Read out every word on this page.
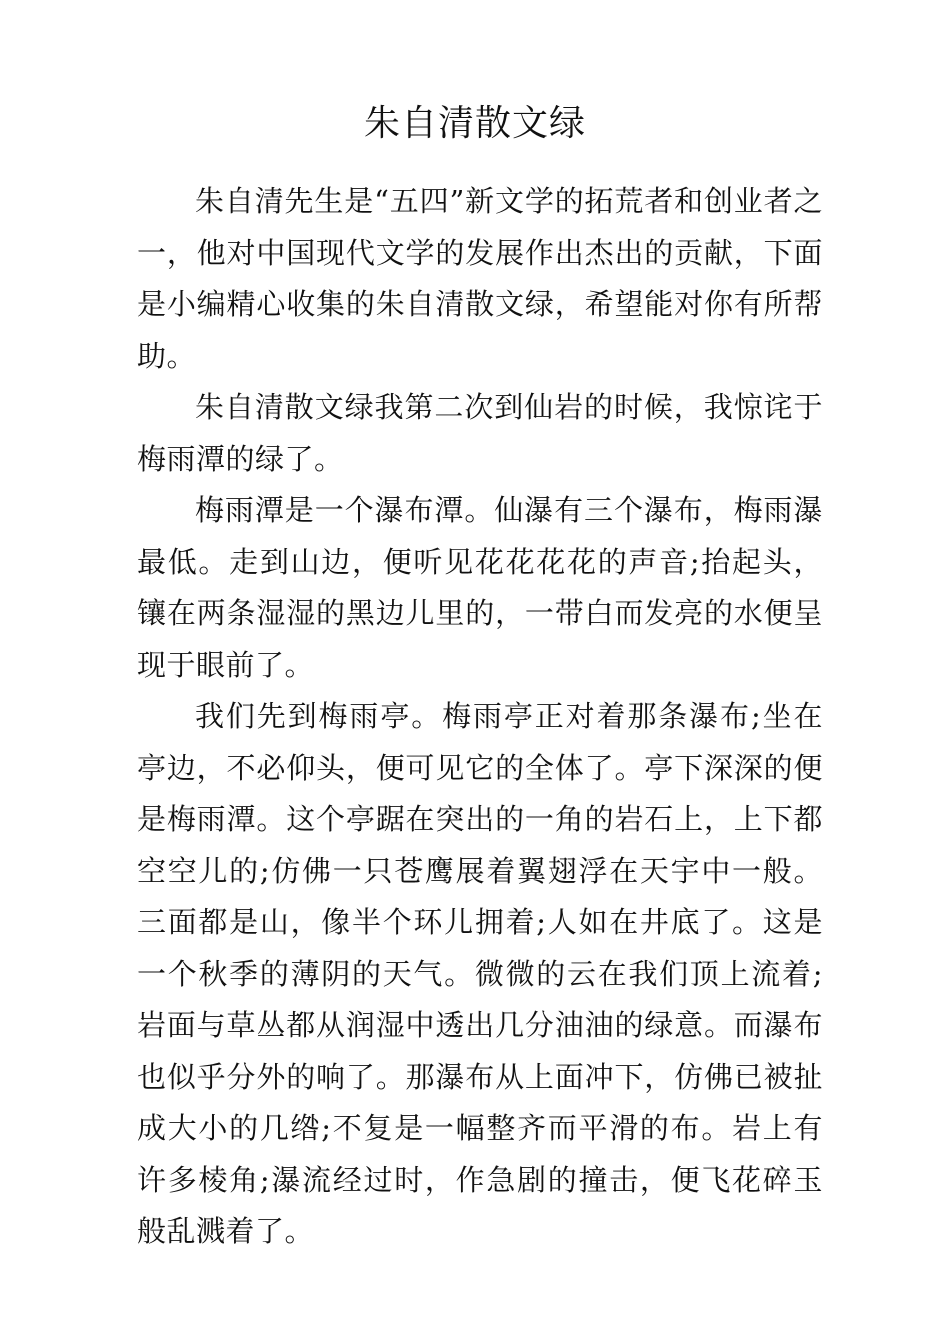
朱自清散文绿

朱自清先生是“五四”新文学的拓荒者和创业者之一，他对中国现代文学的发展作出杰出的贡献，下面是小编精心收集的朱自清散文绿，希望能对你有所帮助。

朱自清散文绿我第二次到仙岩的时候，我惊诧于梅雨潭的绿了。

梅雨潭是一个瀑布潭。仙瀑有三个瀑布，梅雨瀑最低。走到山边，便听见花花花花的声音;抬起头，镶在两条湿湿的黑边儿里的，一带白而发亮的水便呈现于眼前了。

我们先到梅雨亭。梅雨亭正对着那条瀑布;坐在亭边，不必仰头，便可见它的全体了。亭下深深的便是梅雨潭。这个亭踞在突出的一角的岩石上，上下都空空儿的;仿佛一只苍鹰展着翼翅浮在天宇中一般。三面都是山，像半个环儿拥着;人如在井底了。这是一个秋季的薄阴的天气。微微的云在我们顶上流着;岩面与草丛都从润湿中透出几分油油的绿意。而瀑布也似乎分外的响了。那瀑布从上面冲下，仿佛已被扯成大小的几绺;不复是一幅整齐而平滑的布。岩上有许多棱角;瀑流经过时，作急剧的撞击，便飞花碎玉般乱溅着了。
